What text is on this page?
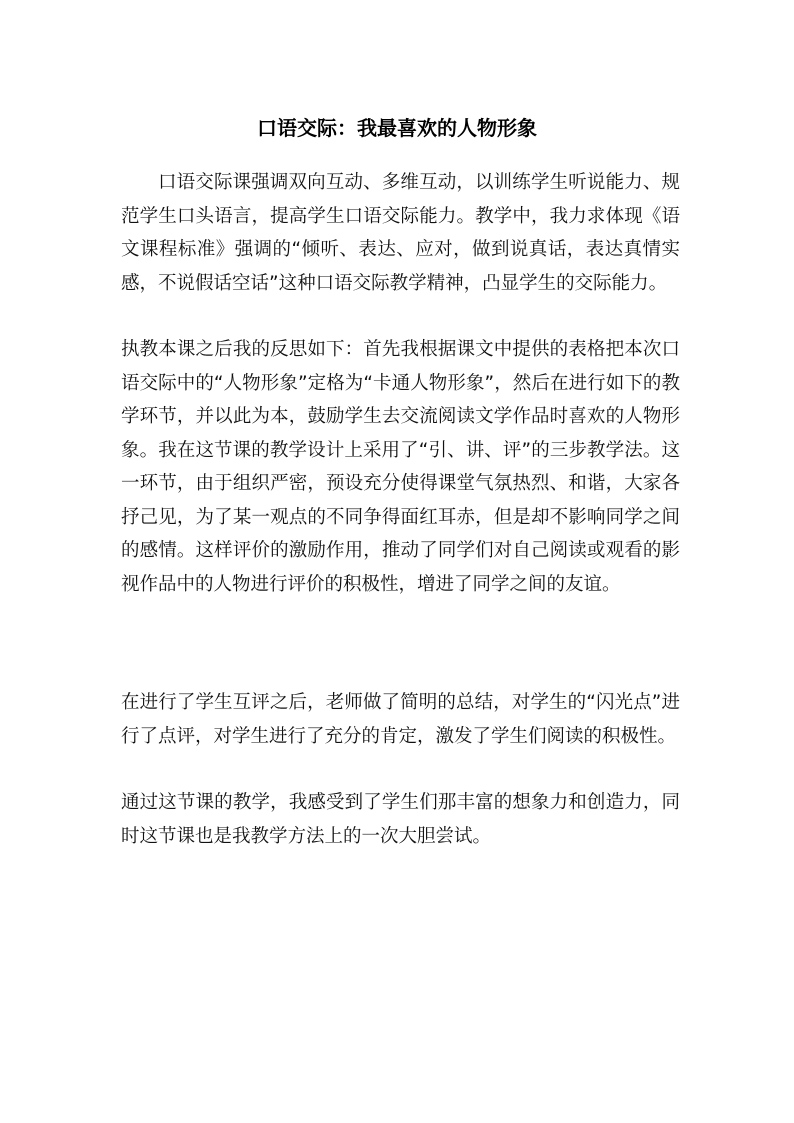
口语交际：我最喜欢的人物形象

口语交际课强调双向互动、多维互动，以训练学生听说能力、规范学生口头语言，提高学生口语交际能力。教学中，我力求体现《语文课程标准》强调的“倾听、表达、应对，做到说真话，表达真情实感，不说假话空话”这种口语交际教学精神，凸显学生的交际能力。

执教本课之后我的反思如下：首先我根据课文中提供的表格把本次口语交际中的“人物形象”定格为“卡通人物形象”，然后在进行如下的教学环节，并以此为本，鼓励学生去交流阅读文学作品时喜欢的人物形象。我在这节课的教学设计上采用了“引、讲、评”的三步教学法。这一环节，由于组织严密，预设充分使得课堂气氛热烈、和谐，大家各抒己见，为了某一观点的不同争得面红耳赤，但是却不影响同学之间的感情。这样评价的激励作用，推动了同学们对自己阅读或观看的影视作品中的人物进行评价的积极性，增进了同学之间的友谊。

在进行了学生互评之后，老师做了简明的总结，对学生的“闪光点”进行了点评，对学生进行了充分的肯定，激发了学生们阅读的积极性。

通过这节课的教学，我感受到了学生们那丰富的想象力和创造力，同时这节课也是我教学方法上的一次大胆尝试。
